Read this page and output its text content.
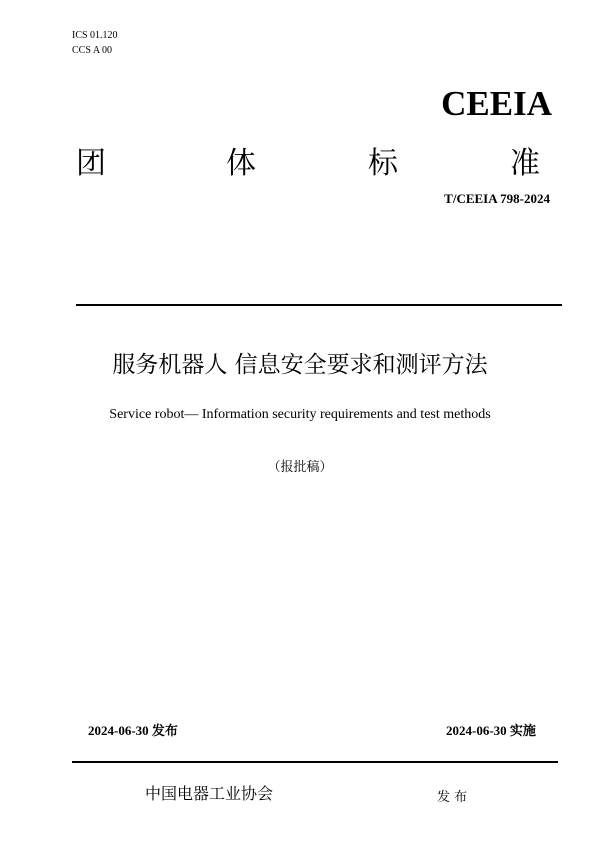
ICS 01.120
CCS A 00
CEEIA
团	体	标	准
T/CEEIA 798-2024
服务机器人 信息安全要求和测评方法
Service robot— Information security requirements and test methods
（报批稿）
2024-06-30 发布	2024-06-30 实施
中国电器工业协会	发 布
